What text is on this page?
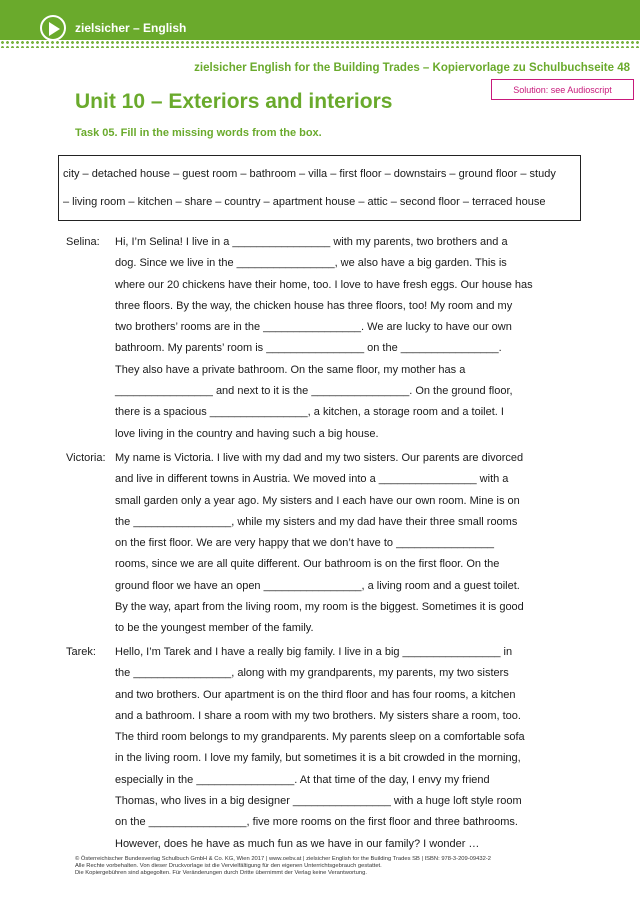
zielsicher – English
zielsicher English for the Building Trades – Kopiervorlage zu Schulbuchseite 48
Unit 10 – Exteriors and interiors
Solution: see Audioscript
Task 05. Fill in the missing words from the box.
city – detached house – guest room – bathroom – villa – first floor – downstairs – ground floor – study
– living room – kitchen – share – country – apartment house – attic – second floor – terraced house
Selina: Hi, I’m Selina! I live in a ________________ with my parents, two brothers and a
dog. Since we live in the ________________, we also have a big garden. This is
where our 20 chickens have their home, too. I love to have fresh eggs. Our house has
three floors. By the way, the chicken house has three floors, too! My room and my
two brothers’ rooms are in the ________________. We are lucky to have our own
bathroom. My parents’ room is ________________ on the ________________.
They also have a private bathroom. On the same floor, my mother has a
________________ and next to it is the ________________. On the ground floor,
there is a spacious ________________, a kitchen, a storage room and a toilet. I
love living in the country and having such a big house.
Victoria: My name is Victoria. I live with my dad and my two sisters. Our parents are divorced
and live in different towns in Austria. We moved into a ________________ with a
small garden only a year ago. My sisters and I each have our own room. Mine is on
the ________________, while my sisters and my dad have their three small rooms
on the first floor. We are very happy that we don’t have to ________________
rooms, since we are all quite different. Our bathroom is on the first floor. On the
ground floor we have an open ________________, a living room and a guest toilet.
By the way, apart from the living room, my room is the biggest. Sometimes it is good
to be the youngest member of the family.
Tarek: Hello, I’m Tarek and I have a really big family. I live in a big ________________ in
the ________________, along with my grandparents, my parents, my two sisters
and two brothers. Our apartment is on the third floor and has four rooms, a kitchen
and a bathroom. I share a room with my two brothers. My sisters share a room, too.
The third room belongs to my grandparents. My parents sleep on a comfortable sofa
in the living room. I love my family, but sometimes it is a bit crowded in the morning,
especially in the ________________. At that time of the day, I envy my friend
Thomas, who lives in a big designer ________________ with a huge loft style room
on the ________________, five more rooms on the first floor and three bathrooms.
However, does he have as much fun as we have in our family? I wonder …
© Österreichischer Bundesverlag Schulbuch GmbH & Co. KG, Wien 2017 | www.oebv.at | zielsicher English for the Building Trades SB | ISBN: 978-3-209-09432-2
Alle Rechte vorbehalten. Von dieser Druckvorlage ist die Vervielfältigung für den eigenen Unterrichtsgebrauch gestattet.
Die Kopiergebühren sind abgegolten. Für Veränderungen durch Dritte übernimmt der Verlag keine Verantwortung.
